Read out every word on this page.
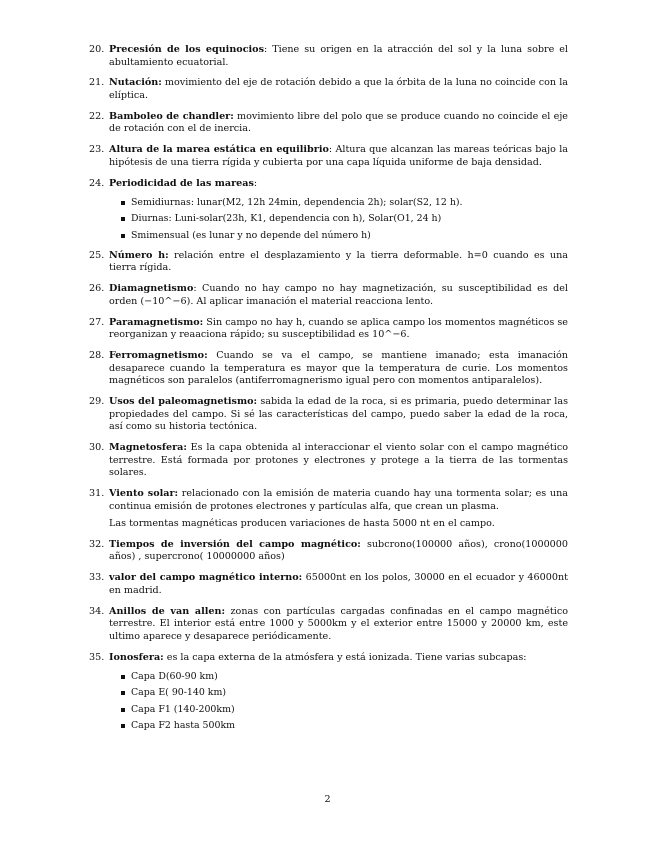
20. Precesión de los equinocios: Tiene su origen en la atracción del sol y la luna sobre el abultamiento ecuatorial.
21. Nutación: movimiento del eje de rotación debido a que la órbita de la luna no coincide con la elíptica.
22. Bamboleo de chandler: movimiento libre del polo que se produce cuando no coincide el eje de rotación con el de inercia.
23. Altura de la marea estática en equilibrio: Altura que alcanzan las mareas teóricas bajo la hipótesis de una tierra rígida y cubierta por una capa líquida uniforme de baja densidad.
24. Periodicidad de las mareas:
Semidiurnas: lunar(M2, 12h 24min, dependencia 2h); solar(S2, 12 h).
Diurnas: Luni-solar(23h, K1, dependencia con h), Solar(O1, 24 h)
Smimensual (es lunar y no depende del número h)
25. Número h: relación entre el desplazamiento y la tierra deformable. h=0 cuando es una tierra rígida.
26. Diamagnetismo: Cuando no hay campo no hay magnetización, su susceptibilidad es del orden (−10^−6). Al aplicar imanación el material reacciona lento.
27. Paramagnetismo: Sin campo no hay h, cuando se aplica campo los momentos magnéticos se reorganizan y reaaciona rápido; su susceptibilidad es 10^−6.
28. Ferromagnetismo: Cuando se va el campo, se mantiene imanado; esta imanación desaparece cuando la temperatura es mayor que la temperatura de curie. Los momentos magnéticos son paralelos (antiferromagnerismo igual pero con momentos antiparalelos).
29. Usos del paleomagnetismo: sabida la edad de la roca, si es primaria, puedo determinar las propiedades del campo. Si sé las características del campo, puedo saber la edad de la roca, así como su historia tectónica.
30. Magnetosfera: Es la capa obtenida al interaccionar el viento solar con el campo magnético terrestre. Está formada por protones y electrones y protege a la tierra de las tormentas solares.
31. Viento solar: relacionado con la emisión de materia cuando hay una tormenta solar; es una continua emisión de protones electrones y partículas alfa, que crean un plasma.
Las tormentas magnéticas producen variaciones de hasta 5000 nt en el campo.
32. Tiempos de inversión del campo magnético: subcrono(100000 años), crono(1000000 años) , supercrono( 10000000 años)
33. valor del campo magnético interno: 65000nt en los polos, 30000 en el ecuador y 46000nt en madrid.
34. Anillos de van allen: zonas con partículas cargadas confinadas en el campo magnético terrestre. El interior está entre 1000 y 5000km y el exterior entre 15000 y 20000 km, este ultimo aparece y desaparece periódicamente.
35. Ionosfera: es la capa externa de la atmósfera y está ionizada. Tiene varias subcapas:
Capa D(60-90 km)
Capa E( 90-140 km)
Capa F1 (140-200km)
Capa F2 hasta 500km
2
